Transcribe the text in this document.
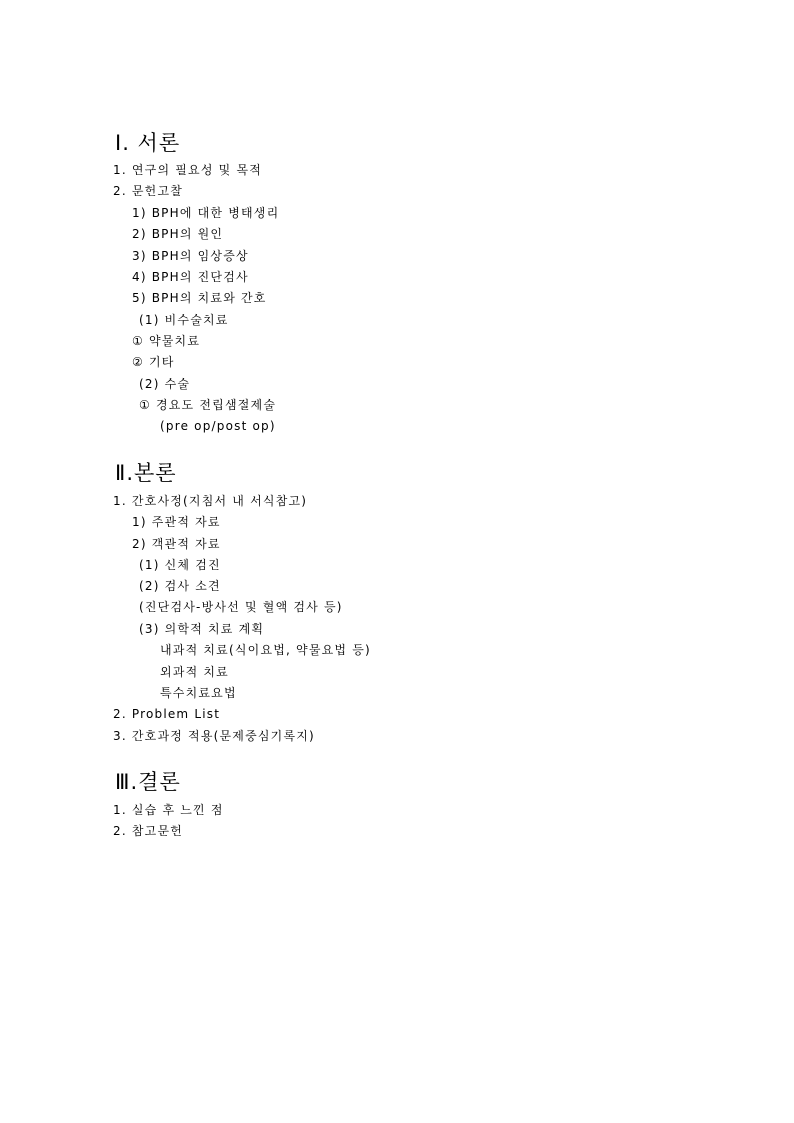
Ⅰ. 서론

1. 연구의 필요성 및 목적

2. 문헌고찰

1) BPH에 대한 병태생리

2) BPH의 원인

3) BPH의 임상증상

4) BPH의 진단검사

5) BPH의 치료와 간호

(1) 비수술치료

① 약물치료

② 기타

(2) 수술

① 경요도 전립샘절제술

(pre op/post op)

Ⅱ.본론

1. 간호사정(지침서 내 서식참고)

1) 주관적 자료

2) 객관적 자료

(1) 신체 검진

(2) 검사 소견

(진단검사-방사선 및 혈액 검사 등)

(3) 의학적 치료 계획

내과적 치료(식이요법, 약물요법 등)

외과적 치료

특수치료요법

2. Problem List

3. 간호과정 적용(문제중심기록지)

Ⅲ.결론

1. 실습 후 느낀 점

2. 참고문헌
